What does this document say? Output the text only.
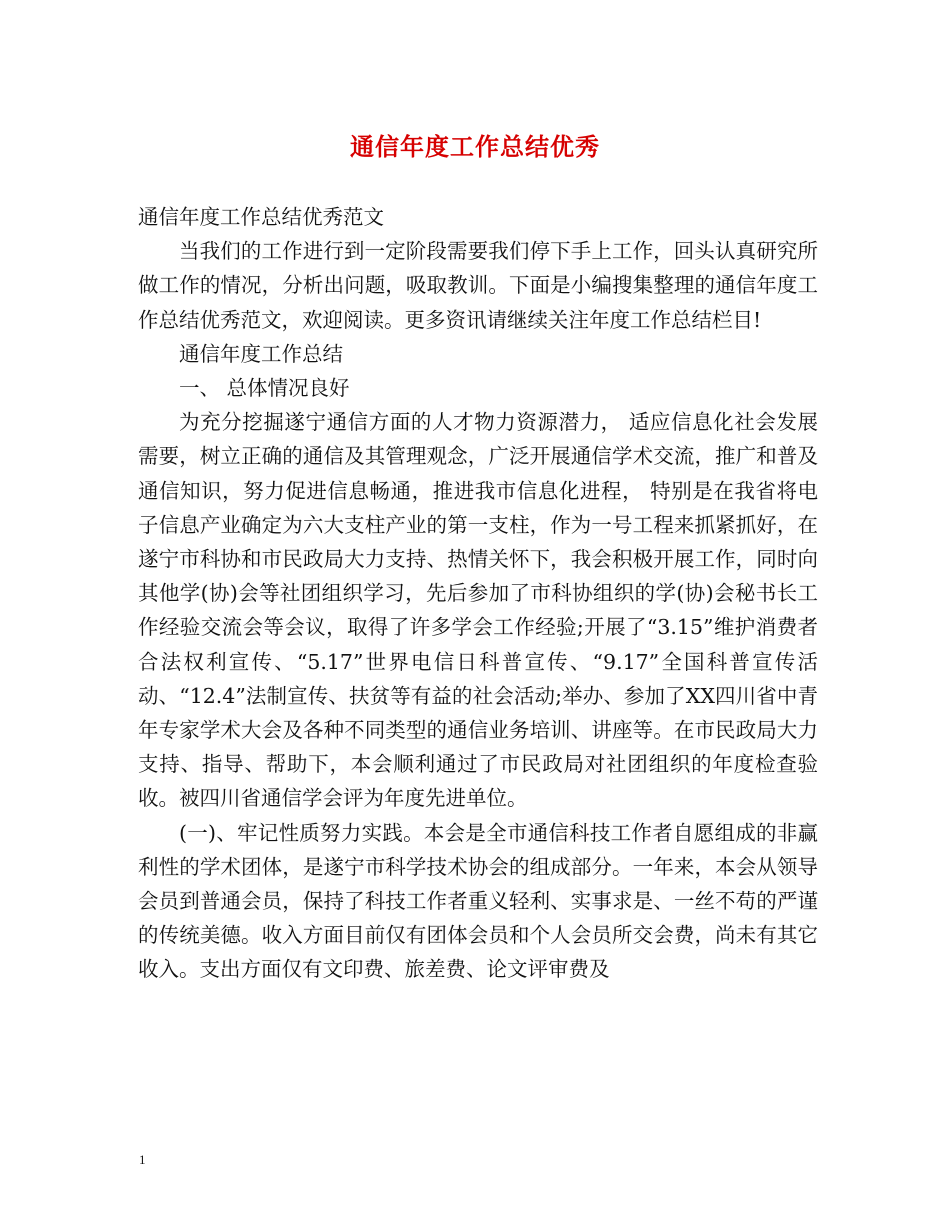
通信年度工作总结优秀

通信年度工作总结优秀范文

当我们的工作进行到一定阶段需要我们停下手上工作，回头认真研究所做工作的情况，分析出问题，吸取教训。下面是小编搜集整理的通信年度工作总结优秀范文，欢迎阅读。更多资讯请继续关注年度工作总结栏目!

通信年度工作总结

一、 总体情况良好

为充分挖掘遂宁通信方面的人才物力资源潜力， 适应信息化社会发展需要，树立正确的通信及其管理观念，广泛开展通信学术交流，推广和普及通信知识，努力促进信息畅通，推进我市信息化进程， 特别是在我省将电子信息产业确定为六大支柱产业的第一支柱，作为一号工程来抓紧抓好，在遂宁市科协和市民政局大力支持、热情关怀下，我会积极开展工作，同时向其他学(协)会等社团组织学习，先后参加了市科协组织的学(协)会秘书长工作经验交流会等会议，取得了许多学会工作经验;开展了“3.15”维护消费者合法权利宣传、“5.17”世界电信日科普宣传、“9.17”全国科普宣传活动、“12.4”法制宣传、扶贫等有益的社会活动;举办、参加了XX四川省中青年专家学术大会及各种不同类型的通信业务培训、讲座等。在市民政局大力支持、指导、帮助下，本会顺利通过了市民政局对社团组织的年度检查验收。被四川省通信学会评为年度先进单位。

(一)、牢记性质努力实践。本会是全市通信科技工作者自愿组成的非赢利性的学术团体，是遂宁市科学技术协会的组成部分。一年来，本会从领导会员到普通会员，保持了科技工作者重义轻利、实事求是、一丝不苟的严谨的传统美德。收入方面目前仅有团体会员和个人会员所交会费，尚未有其它收入。支出方面仅有文印费、旅差费、论文评审费及

1
